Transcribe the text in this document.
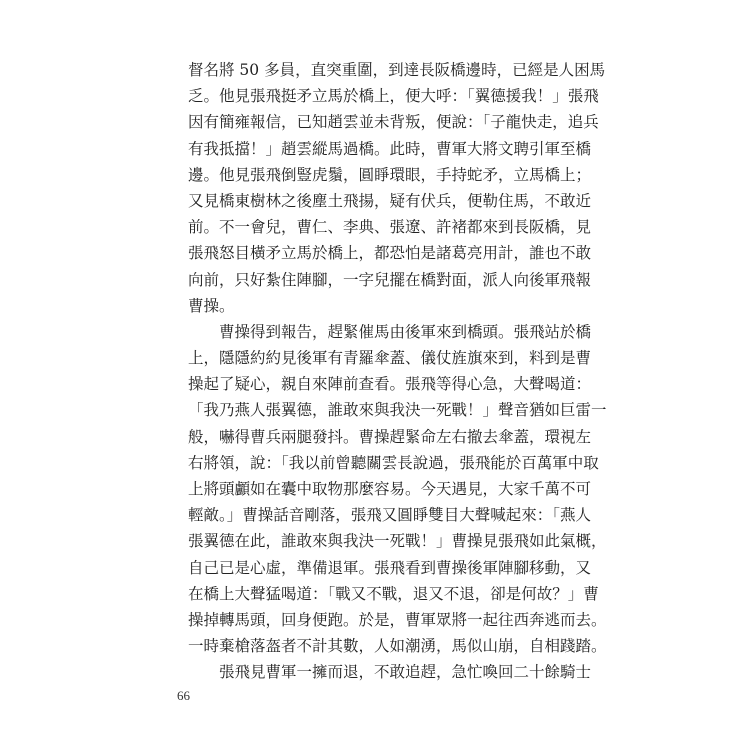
督名將 50 多員，直突重圍，到達長阪橋邊時，已經是人困馬
乏。他見張飛挺矛立馬於橋上，便大呼：「翼德援我！」張飛
因有簡雍報信，已知趙雲並未背叛，便說：「子龍快走，追兵
有我抵擋！」趙雲縱馬過橋。此時，曹軍大將文聘引軍至橋
邊。他見張飛倒豎虎鬚，圓睜環眼，手持蛇矛，立馬橋上；
又見橋東樹林之後塵土飛揚，疑有伏兵，便勒住馬，不敢近
前。不一會兒，曹仁、李典、張遼、許褚都來到長阪橋，見
張飛怒目橫矛立馬於橋上，都恐怕是諸葛亮用計，誰也不敢
向前，只好紮住陣腳，一字兒擺在橋對面，派人向後軍飛報
曹操。
曹操得到報告，趕緊催馬由後軍來到橋頭。張飛站於橋
上，隱隱約約見後軍有青羅傘蓋、儀仗旌旗來到，料到是曹
操起了疑心，親自來陣前查看。張飛等得心急，大聲喝道：
「我乃燕人張翼德，誰敢來與我決一死戰！」聲音猶如巨雷一
般，嚇得曹兵兩腿發抖。曹操趕緊命左右撤去傘蓋，環視左
右將領，說：「我以前曾聽關雲長說過，張飛能於百萬軍中取
上將頭顱如在囊中取物那麼容易。今天遇見，大家千萬不可
輕敵。」曹操話音剛落，張飛又圓睜雙目大聲喊起來：「燕人
張翼德在此，誰敢來與我決一死戰！」曹操見張飛如此氣概，
自己已是心虛，準備退軍。張飛看到曹操後軍陣腳移動，又
在橋上大聲猛喝道：「戰又不戰，退又不退，卻是何故？」曹
操掉轉馬頭，回身便跑。於是，曹軍眾將一起往西奔逃而去。
一時棄槍落盔者不計其數，人如潮湧，馬似山崩，自相踐踏。
張飛見曹軍一擁而退，不敢追趕，急忙喚回二十餘騎士
66
